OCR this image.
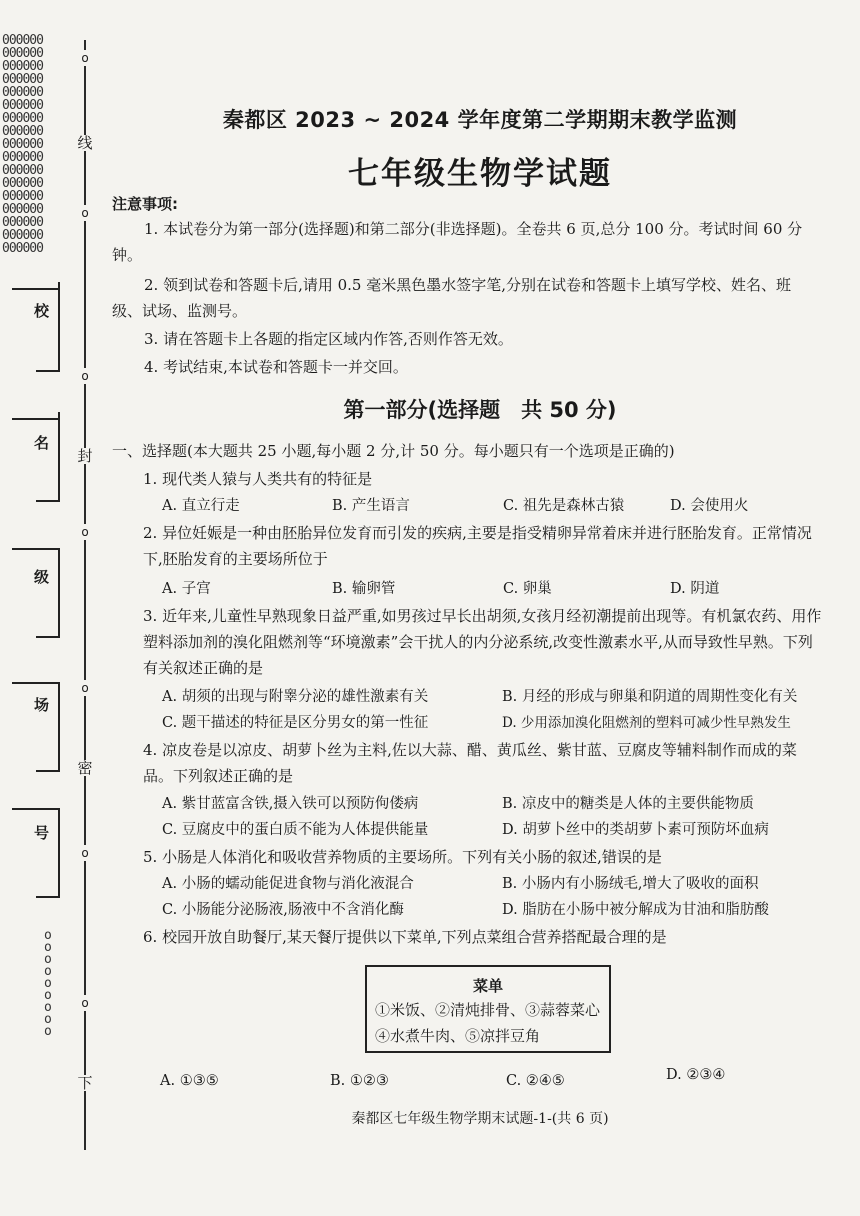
000000
000000
000000
000000
000000
000000
000000
000000
000000
000000
000000
000000
000000
000000
000000
000000
000000
o
线
o
o
封
o
o
密
o
o
下
校
名
级
场
号
o
o
o
o
o
o
o
o
o
秦都区 2023 ~ 2024 学年度第二学期期末教学监测
七年级生物学试题
注意事项:
1. 本试卷分为第一部分(选择题)和第二部分(非选择题)。全卷共 6 页,总分 100 分。考试时间 60 分钟。
2. 领到试卷和答题卡后,请用 0.5 毫米黑色墨水签字笔,分别在试卷和答题卡上填写学校、姓名、班级、试场、监测号。
3. 请在答题卡上各题的指定区域内作答,否则作答无效。
4. 考试结束,本试卷和答题卡一并交回。
第一部分(选择题　共 50 分)
一、选择题(本大题共 25 小题,每小题 2 分,计 50 分。每小题只有一个选项是正确的)
1. 现代类人猿与人类共有的特征是
A. 直立行走	B. 产生语言	C. 祖先是森林古猿	D. 会使用火
2. 异位妊娠是一种由胚胎异位发育而引发的疾病,主要是指受精卵异常着床并进行胚胎发育。正常情况下,胚胎发育的主要场所位于
A. 子宫	B. 输卵管	C. 卵巢	D. 阴道
3. 近年来,儿童性早熟现象日益严重,如男孩过早长出胡须,女孩月经初潮提前出现等。有机氯农药、用作塑料添加剂的溴化阻燃剂等“环境激素”会干扰人的内分泌系统,改变性激素水平,从而导致性早熟。下列有关叙述正确的是
A. 胡须的出现与附睾分泌的雄性激素有关	B. 月经的形成与卵巢和阴道的周期性变化有关
C. 题干描述的特征是区分男女的第一性征	D. 少用添加溴化阻燃剂的塑料可减少性早熟发生
4. 凉皮卷是以凉皮、胡萝卜丝为主料,佐以大蒜、醋、黄瓜丝、紫甘蓝、豆腐皮等辅料制作而成的菜品。下列叙述正确的是
A. 紫甘蓝富含铁,摄入铁可以预防佝偻病	B. 凉皮中的糖类是人体的主要供能物质
C. 豆腐皮中的蛋白质不能为人体提供能量	D. 胡萝卜丝中的类胡萝卜素可预防坏血病
5. 小肠是人体消化和吸收营养物质的主要场所。下列有关小肠的叙述,错误的是
A. 小肠的蠕动能促进食物与消化液混合	B. 小肠内有小肠绒毛,增大了吸收的面积
C. 小肠能分泌肠液,肠液中不含消化酶	D. 脂肪在小肠中被分解成为甘油和脂肪酸
6. 校园开放自助餐厅,某天餐厅提供以下菜单,下列点菜组合营养搭配最合理的是
菜单
①米饭、②清炖排骨、③蒜蓉菜心
④水煮牛肉、⑤凉拌豆角
A. ①③⑤	B. ①②③	C. ②④⑤	D. ②③④
秦都区七年级生物学期末试题-1-(共 6 页)
